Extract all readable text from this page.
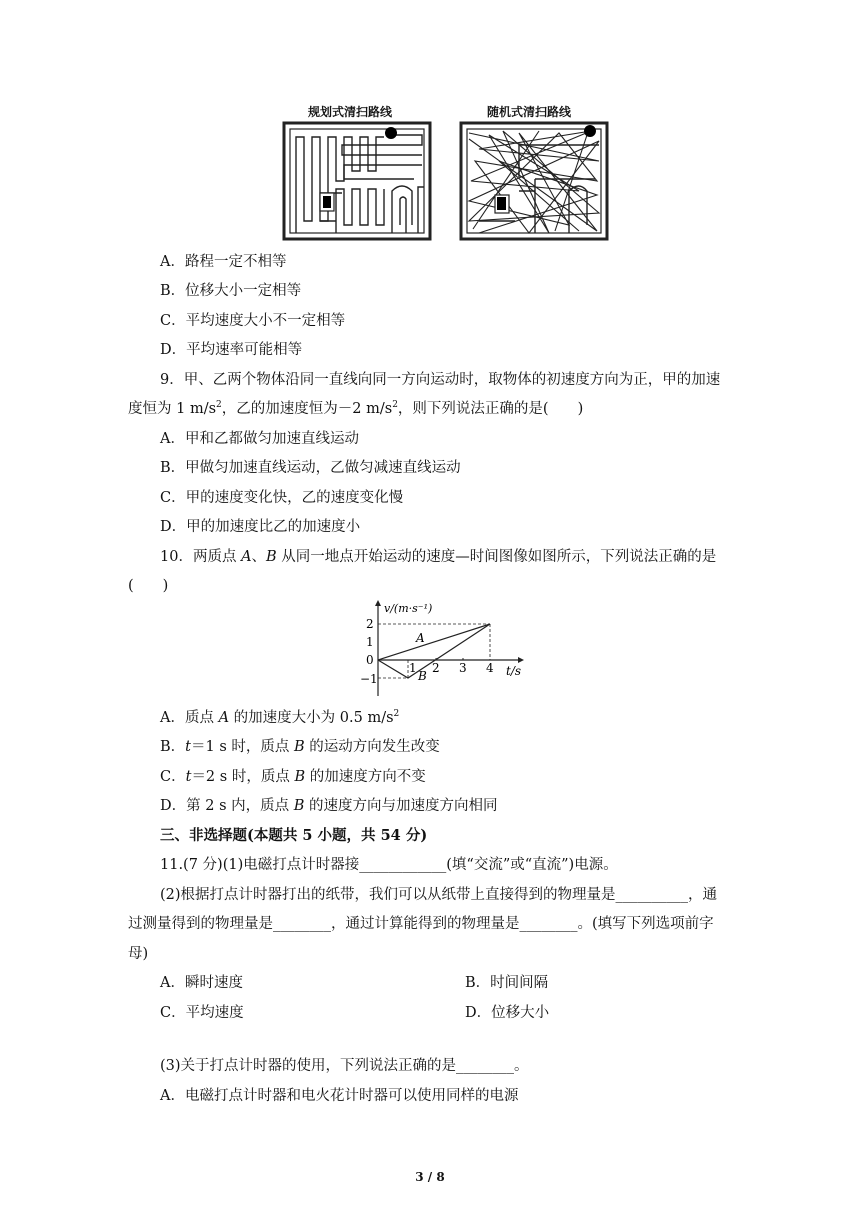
规划式清扫路线	随机式清扫路线
A．路程一定不相等
B．位移大小一定相等
C．平均速度大小不一定相等
D．平均速率可能相等
9．甲、乙两个物体沿同一直线向同一方向运动时，取物体的初速度方向为正，甲的加速
度恒为 1 $m/s^2$，乙的加速度恒为－2 $m/s^2$，则下列说法正确的是(　　)
A．甲和乙都做匀加速直线运动
B．甲做匀加速直线运动，乙做匀减速直线运动
C．甲的速度变化快，乙的速度变化慢
D．甲的加速度比乙的加速度小
10．两质点 A、B 从同一地点开始运动的速度—时间图像如图所示，下列说法正确的是
(　　)
v/(m·s⁻¹)
t/s
2
1
0
−1
1 2 3 4
A
B
A．质点 A 的加速度大小为 0.5 $m/s^2$
B．t＝1 s 时，质点 B 的运动方向发生改变
C．t＝2 s 时，质点 B 的加速度方向不变
D．第 2 s 内，质点 B 的速度方向与加速度方向相同
三、非选择题(本题共 5 小题，共 54 分)
11.(7 分)(1)电磁打点计时器接____________(填“交流”或“直流”)电源。
(2)根据打点计时器打出的纸带，我们可以从纸带上直接得到的物理量是__________，通
过测量得到的物理量是________，通过计算能得到的物理量是________。(填写下列选项前字
母)
A．瞬时速度	B．时间间隔
C．平均速度	D．位移大小
(3)关于打点计时器的使用，下列说法正确的是________。
A．电磁打点计时器和电火花计时器可以使用同样的电源
3 / 8
